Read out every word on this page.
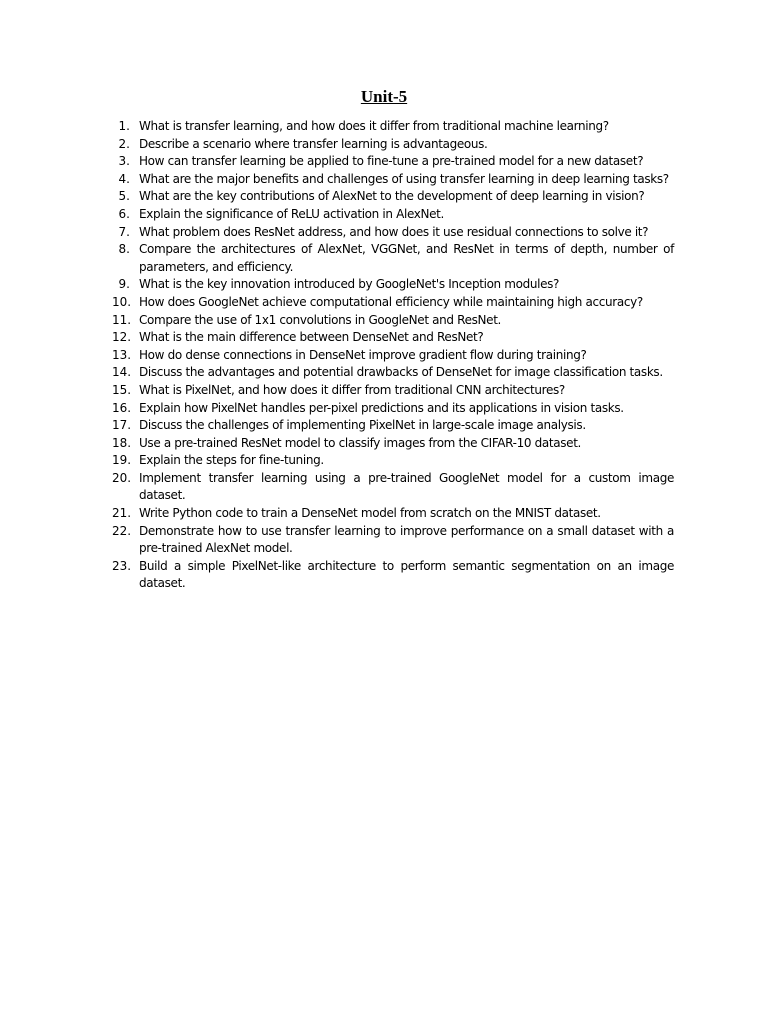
Unit-5
1. What is transfer learning, and how does it differ from traditional machine learning?
2. Describe a scenario where transfer learning is advantageous.
3. How can transfer learning be applied to fine-tune a pre-trained model for a new dataset?
4. What are the major benefits and challenges of using transfer learning in deep learning tasks?
5. What are the key contributions of AlexNet to the development of deep learning in vision?
6. Explain the significance of ReLU activation in AlexNet.
7. What problem does ResNet address, and how does it use residual connections to solve it?
8. Compare the architectures of AlexNet, VGGNet, and ResNet in terms of depth, number of parameters, and efficiency.
9. What is the key innovation introduced by GoogleNet's Inception modules?
10. How does GoogleNet achieve computational efficiency while maintaining high accuracy?
11. Compare the use of 1x1 convolutions in GoogleNet and ResNet.
12. What is the main difference between DenseNet and ResNet?
13. How do dense connections in DenseNet improve gradient flow during training?
14. Discuss the advantages and potential drawbacks of DenseNet for image classification tasks.
15. What is PixelNet, and how does it differ from traditional CNN architectures?
16. Explain how PixelNet handles per-pixel predictions and its applications in vision tasks.
17. Discuss the challenges of implementing PixelNet in large-scale image analysis.
18. Use a pre-trained ResNet model to classify images from the CIFAR-10 dataset.
19. Explain the steps for fine-tuning.
20. Implement transfer learning using a pre-trained GoogleNet model for a custom image dataset.
21. Write Python code to train a DenseNet model from scratch on the MNIST dataset.
22. Demonstrate how to use transfer learning to improve performance on a small dataset with a pre-trained AlexNet model.
23. Build a simple PixelNet-like architecture to perform semantic segmentation on an image dataset.
